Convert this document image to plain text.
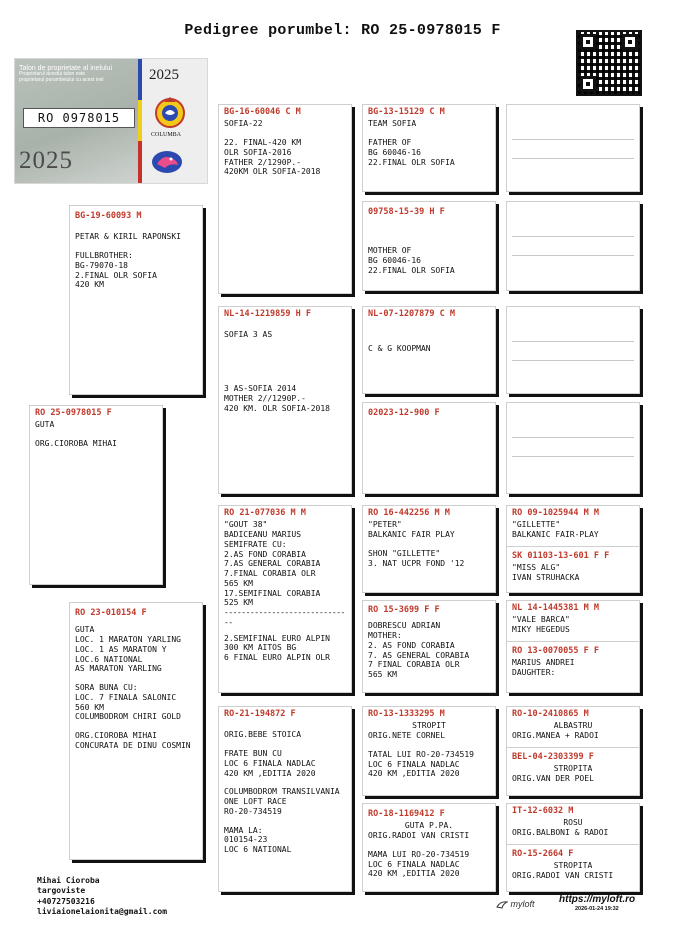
Pedigree porumbel: RO 25-0978015 F
Talon de proprietate al inelului
Proprietarul acestui talon este
proprietarul porumbelului cu acest inel
RO 0978015
2025
2025
COLUMBA
RO 25-0978015 F
GUTA
ORG.CIOROBA MIHAI
BG-19-60093 M
PETAR & KIRIL RAPONSKI
FULLBROTHER:
BG-79070-18
2.FINAL OLR SOFIA
420 KM
RO 23-010154 F
GUTA
LOC. 1 MARATON YARLING
LOC. 1 AS MARATON Y
LOC.6 NATIONAL
AS MARATON YARLING
SORA BUNA CU:
LOC. 7 FINALA SALONIC
560 KM
COLUMBODROM CHIRI GOLD
ORG.CIOROBA MIHAI
CONCURATA DE DINU COSMIN
BG-16-60046 C M
SOFIA-22
22. FINAL-420 KM
OLR SOFIA-2016
FATHER 2/1290P.-
420KM OLR SOFIA-2018
NL-14-1219859 H F
SOFIA 3 AS
3 AS-SOFIA 2014
MOTHER 2//1290P.-
420 KM. OLR SOFIA-2018
RO 21-077036 M M
"GOUT 38"
BADICEANU MARIUS
SEMIFRATE CU:
2.AS FOND CORABIA
7.AS GENERAL CORABIA
7.FINAL CORABIA OLR
565 KM
17.SEMIFINAL CORABIA
525 KM
------------------------------
2.SEMIFINAL EURO ALPIN
300 KM AITOS BG
6 FINAL EURO ALPIN OLR
RO-21-194872 F
ORIG.BEBE STOICA
FRATE BUN CU
LOC 6 FINALA NADLAC
420 KM ,EDITIA 2020
COLUMBODROM TRANSILVANIA
ONE LOFT RACE
RO-20-734519
MAMA LA:
010154-23
LOC 6 NATIONAL
BG-13-15129 C M
TEAM SOFIA
FATHER OF
BG 60046-16
22.FINAL OLR SOFIA
09758-15-39 H F
MOTHER OF
BG 60046-16
22.FINAL OLR SOFIA
NL-07-1207879 C M
C & G KOOPMAN
02023-12-900 F
RO 16-442256 M M
"PETER"
BALKANIC FAIR PLAY
SHON "GILLETTE"
3. NAT UCPR FOND '12
RO 15-3699 F F
DOBRESCU ADRIAN
MOTHER:
2. AS FOND CORABIA
7. AS GENERAL CORABIA
7 FINAL CORABIA OLR
565 KM
RO-13-1333295 M
STROPIT
ORIG.NETE CORNEL
TATAL LUI RO-20-734519
LOC 6 FINALA NADLAC
420 KM ,EDITIA 2020
RO-18-1169412 F
GUTA P.PA.
ORIG.RADOI VAN CRISTI
MAMA LUI RO-20-734519
LOC 6 FINALA NADLAC
420 KM ,EDITIA 2020
RO 09-1025944 M M
"GILLETTE"
BALKANIC FAIR-PLAY
SK 01103-13-601 F F
"MISS ALG"
IVAN STRUHACKA
NL 14-1445381 M M
"VALE BARCA"
MIKY HEGEDUS
RO 13-0070055 F F
MARIUS ANDREI
DAUGHTER:
RO-10-2410865 M
ALBASTRU
ORIG.MANEA + RADOI
BEL-04-2303399 F
STROPITA
ORIG.VAN DER POEL
IT-12-6032 M
ROSU
ORIG.BALBONI & RADOI
RO-15-2664 F
STROPITA
ORIG.RADOI VAN CRISTI
Mihai Cioroba
targoviste
+40727503216
liviaionelaionita@gmail.com
myloft https://myloft.ro
2026-01-24 19:32
